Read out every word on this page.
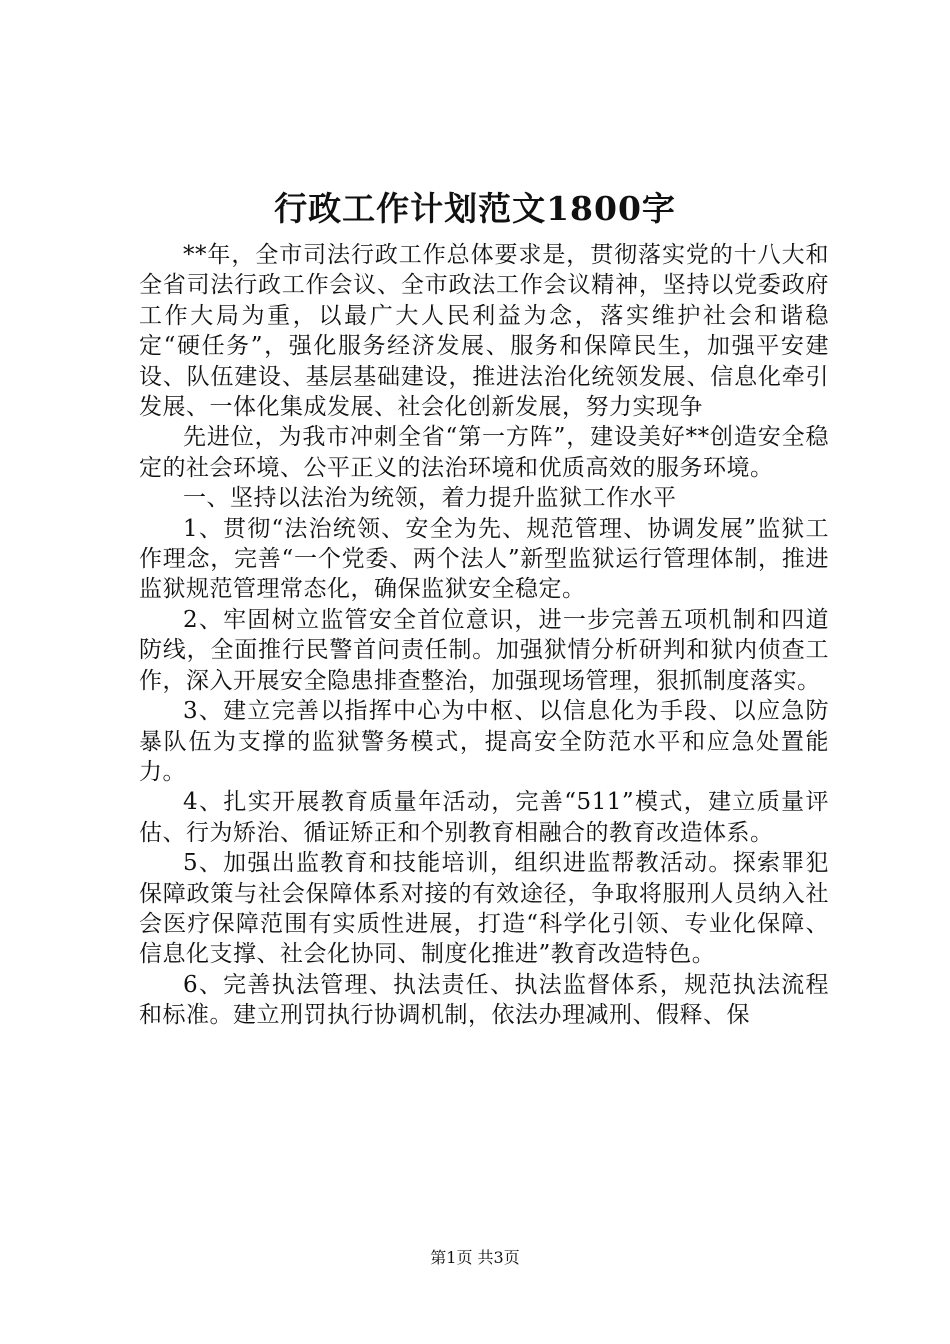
行政工作计划范文1800字

**年，全市司法行政工作总体要求是，贯彻落实党的十八大和全省司法行政工作会议、全市政法工作会议精神，坚持以党委政府工作大局为重，以最广大人民利益为念，落实维护社会和谐稳定“硬任务”，强化服务经济发展、服务和保障民生，加强平安建设、队伍建设、基层基础建设，推进法治化统领发展、信息化牵引发展、一体化集成发展、社会化创新发展，努力实现争

先进位，为我市冲刺全省“第一方阵”，建设美好**创造安全稳定的社会环境、公平正义的法治环境和优质高效的服务环境。

一、坚持以法治为统领，着力提升监狱工作水平

1、贯彻“法治统领、安全为先、规范管理、协调发展”监狱工作理念，完善“一个党委、两个法人”新型监狱运行管理体制，推进监狱规范管理常态化，确保监狱安全稳定。

2、牢固树立监管安全首位意识，进一步完善五项机制和四道防线，全面推行民警首问责任制。加强狱情分析研判和狱内侦查工作，深入开展安全隐患排查整治，加强现场管理，狠抓制度落实。

3、建立完善以指挥中心为中枢、以信息化为手段、以应急防暴队伍为支撑的监狱警务模式，提高安全防范水平和应急处置能力。

4、扎实开展教育质量年活动，完善“511”模式，建立质量评估、行为矫治、循证矫正和个别教育相融合的教育改造体系。

5、加强出监教育和技能培训，组织进监帮教活动。探索罪犯保障政策与社会保障体系对接的有效途径，争取将服刑人员纳入社会医疗保障范围有实质性进展，打造“科学化引领、专业化保障、信息化支撑、社会化协同、制度化推进”教育改造特色。

6、完善执法管理、执法责任、执法监督体系，规范执法流程和标准。建立刑罚执行协调机制，依法办理减刑、假释、保

第1页 共3页
